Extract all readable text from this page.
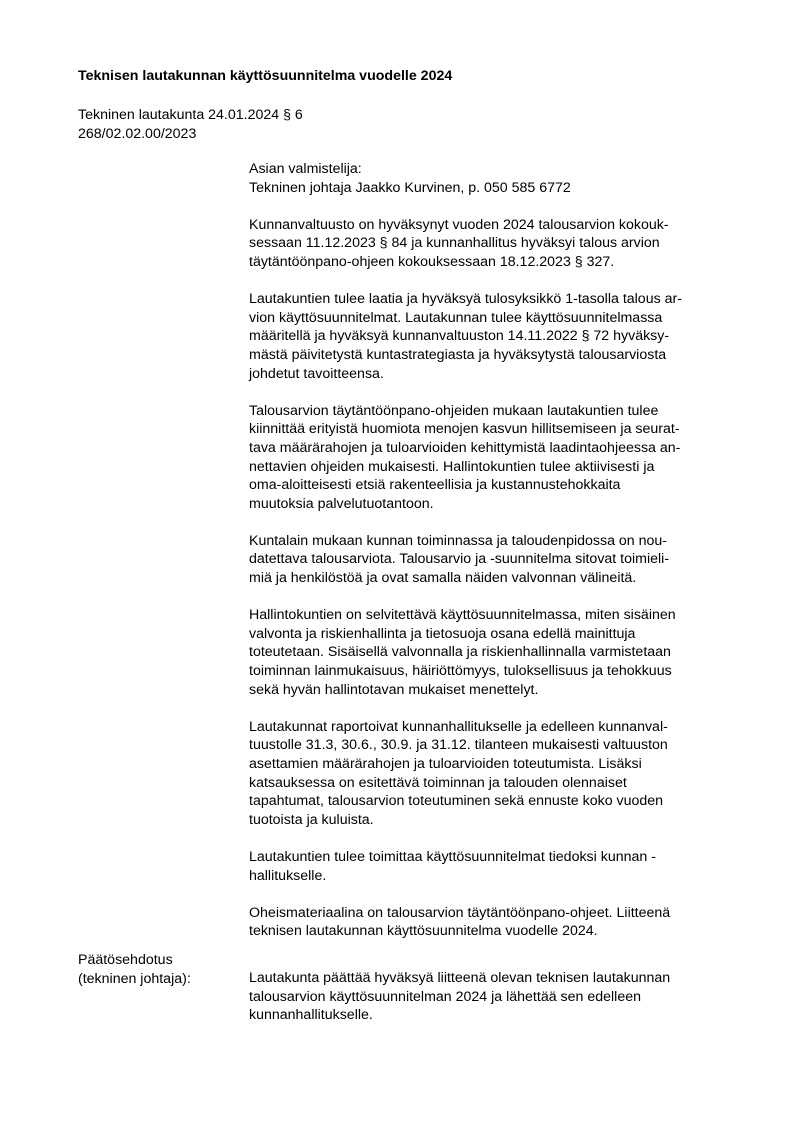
Teknisen lautakunnan käyttösuunnitelma vuodelle 2024
Tekninen lautakunta 24.01.2024 § 6
268/02.02.00/2023

Asian valmistelija:
Tekninen johtaja Jaakko Kurvinen, p. 050 585 6772

Kunnanvaltuusto on hyväksynyt vuoden 2024 talousarvion kokouk-
sessaan 11.12.2023 § 84 ja kunnanhallitus hyväksyi talous arvion
täytäntöönpano-ohjeen kokouksessaan 18.12.2023 § 327.

Lautakuntien tulee laatia ja hyväksyä tulosyksikkö 1-tasolla talous ar-
vion käyttösuunnitelmat. Lautakunnan tulee käyttösuunnitelmassa
määritellä ja hyväksyä kunnanvaltuuston 14.11.2022 § 72 hyväksy-
mästä päivitetystä kuntastrategiasta ja hyväksytystä talousarviosta
johdetut tavoitteensa.

Talousarvion täytäntöönpano-ohjeiden mukaan lautakuntien tulee
kiinnittää erityistä huomiota menojen kasvun hillitsemiseen ja seurat-
tava määrärahojen ja tuloarvioiden kehittymistä laadintaohjeessa an-
nettavien ohjeiden mukaisesti. Hallintokuntien tulee aktiivisesti ja
oma-aloitteisesti etsiä rakenteellisia ja kustannustehokkaita
muutoksia palvelutuotantoon.

Kuntalain mukaan kunnan toiminnassa ja taloudenpidossa on nou-
datettava talousarviota. Talousarvio ja -suunnitelma sitovat toimieli-
miä ja henkilöstöä ja ovat samalla näiden valvonnan välineitä.

Hallintokuntien on selvitettävä käyttösuunnitelmassa, miten sisäinen
valvonta ja riskienhallinta ja tietosuoja osana edellä mainittuja
toteutetaan. Sisäisellä valvonnalla ja riskienhallinnalla varmistetaan
toiminnan lainmukaisuus, häiriöttömyys, tuloksellisuus ja tehokkuus
sekä hyvän hallintotavan mukaiset menettelyt.

Lautakunnat raportoivat kunnanhallitukselle ja edelleen kunnanval-
tuustolle 31.3, 30.6., 30.9. ja 31.12. tilanteen mukaisesti valtuuston
asettamien määrärahojen ja tuloarvioiden toteutumista. Lisäksi
katsauksessa on esitettävä toiminnan ja talouden olennaiset
tapahtumat, talousarvion toteutuminen sekä ennuste koko vuoden
tuotoista ja kuluista.

Lautakuntien tulee toimittaa käyttösuunnitelmat tiedoksi kunnan -
hallitukselle.

Oheismateriaalina on talousarvion täytäntöönpano-ohjeet. Liitteenä
teknisen lautakunnan käyttösuunnitelma vuodelle 2024.

Päätösehdotus
(tekninen johtaja):	Lautakunta päättää hyväksyä liitteenä olevan teknisen lautakunnan
talousarvion käyttösuunnitelman 2024 ja lähettää sen edelleen
kunnanhallitukselle.
